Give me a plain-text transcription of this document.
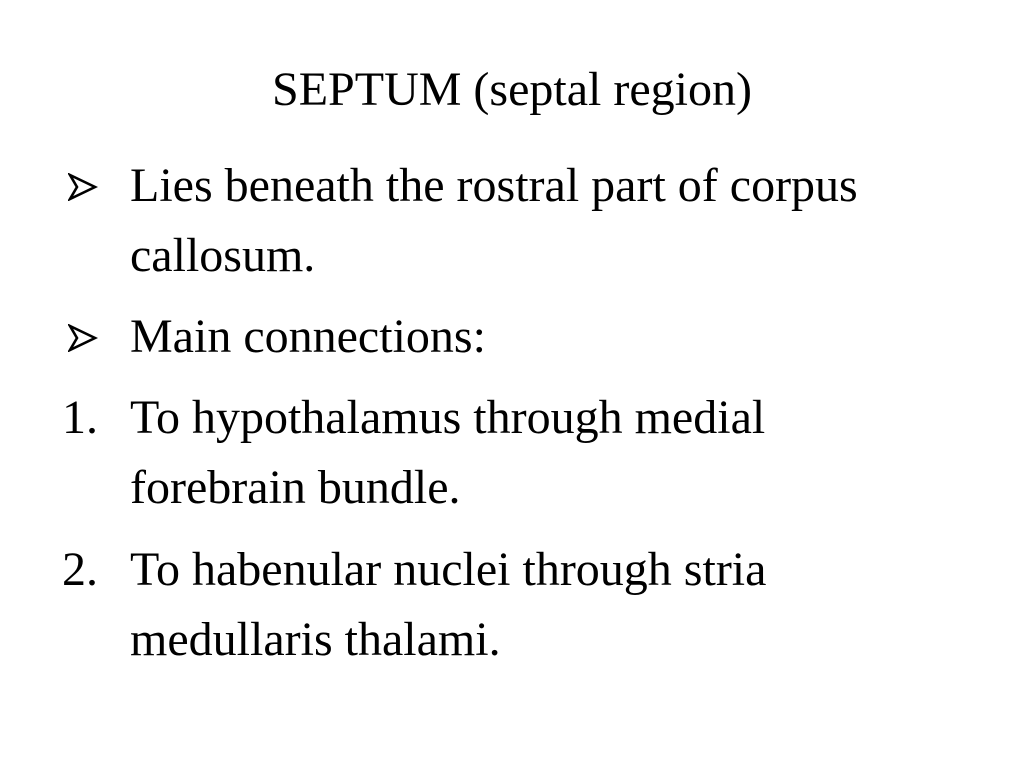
SEPTUM (septal region)
Lies beneath the rostral part of corpus callosum.
Main connections:
1. To hypothalamus through medial forebrain bundle.
2. To habenular nuclei through stria medullaris thalami.
